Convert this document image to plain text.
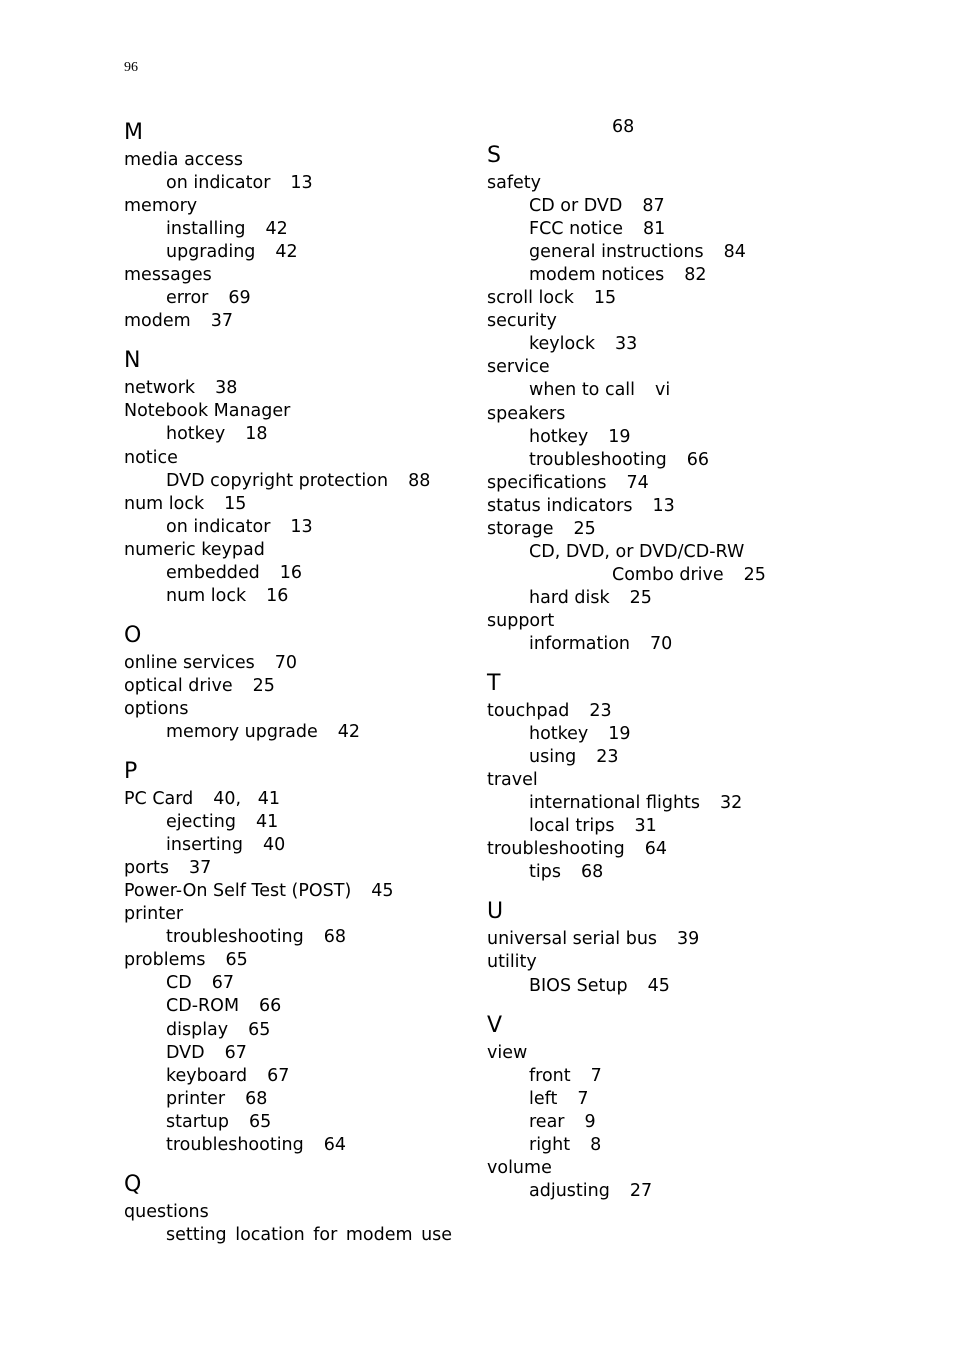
96
M
media access
on indicator 13
memory
installing 42
upgrading 42
messages
error 69
modem 37
N
network 38
Notebook Manager
hotkey 18
notice
DVD copyright protection 88
num lock 15
on indicator 13
numeric keypad
embedded 16
num lock 16
O
online services 70
optical drive 25
options
memory upgrade 42
P
PC Card 40,   41
ejecting 41
inserting 40
ports 37
Power-On Self Test (POST) 45
printer
troubleshooting 68
problems 65
CD 67
CD-ROM 66
display 65
DVD 67
keyboard 67
printer 68
startup 65
troubleshooting 64
Q
questions
setting location for modem use
68
S
safety
CD or DVD 87
FCC notice 81
general instructions 84
modem notices 82
scroll lock 15
security
keylock 33
service
when to call vi
speakers
hotkey 19
troubleshooting 66
specifications 74
status indicators 13
storage 25
CD, DVD, or DVD/CD-RW
Combo drive 25
hard disk 25
support
information 70
T
touchpad 23
hotkey 19
using 23
travel
international flights 32
local trips 31
troubleshooting 64
tips 68
U
universal serial bus 39
utility
BIOS Setup 45
V
view
front 7
left 7
rear 9
right 8
volume
adjusting 27
